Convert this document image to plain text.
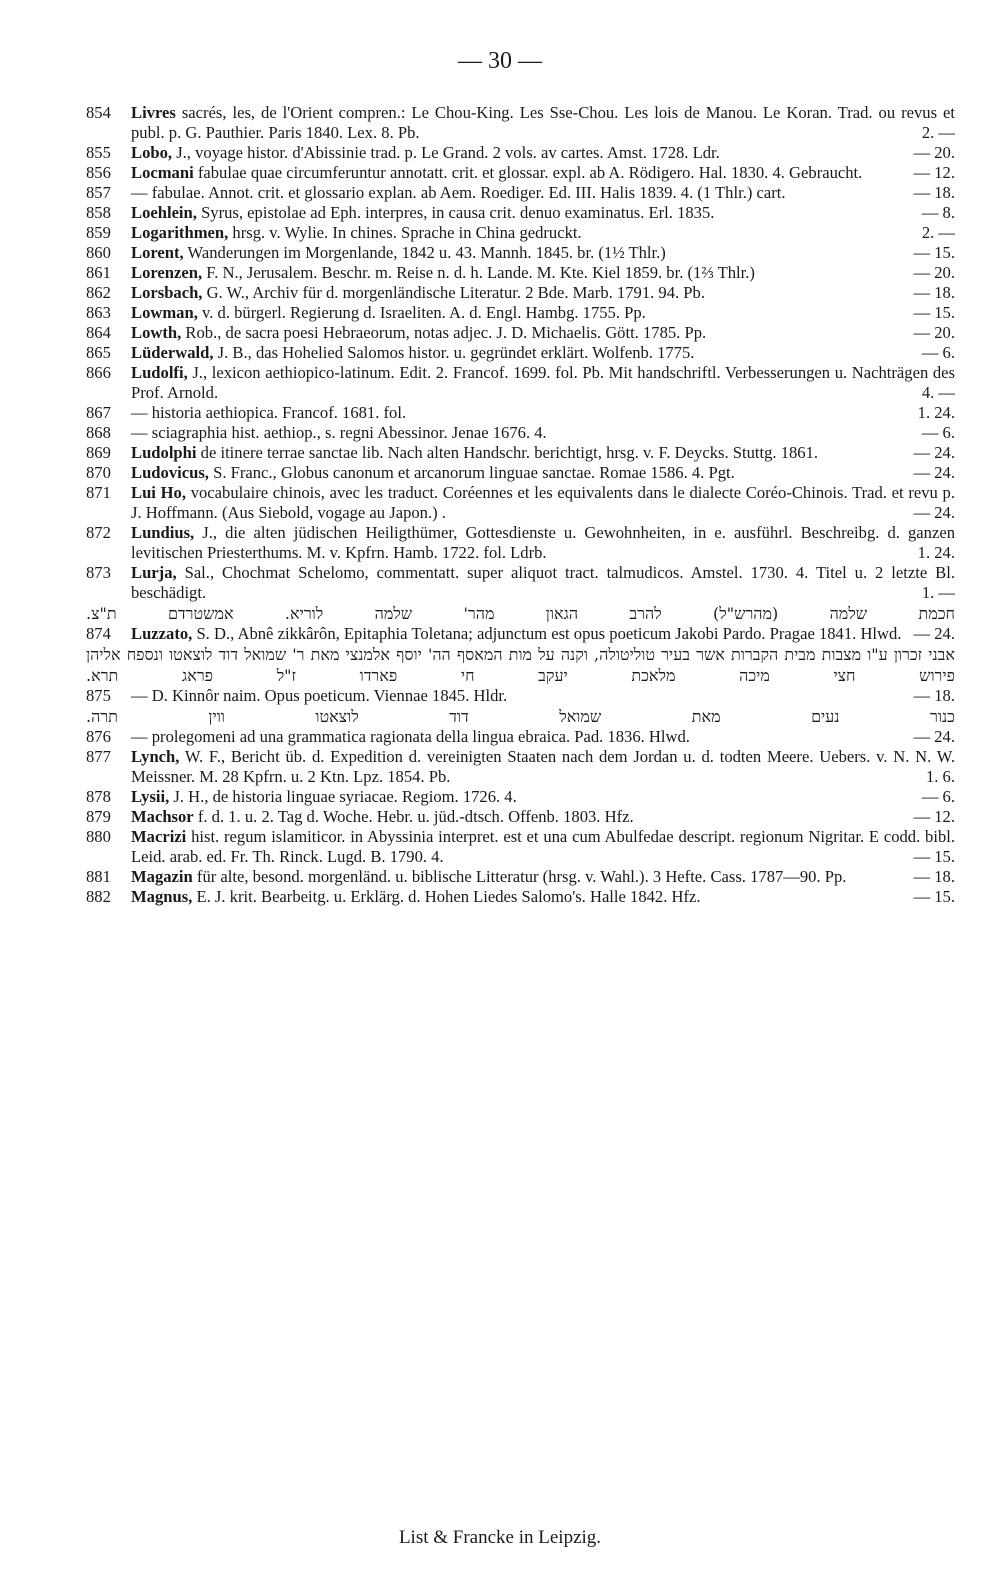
— 30 —
854	Livres sacrés, les, de l'Orient compren.: Le Chou-King. Les Sse-Chou. Les lois de Manou. Le Koran. Trad. ou revus et publ. p. G. Pauthier. Paris 1840. Lex. 8. Pb.	2. —
855	Lobo, J., voyage histor. d'Abissinie trad. p. Le Grand. 2 vols. av cartes. Amst. 1728. Ldr.	— 20.
856	Locmani fabulae quae circumferuntur annotatt. crit. et glossar. expl. ab A. Rödigero. Hal. 1830. 4. Gebraucht.	— 12.
857	— fabulae. Annot. crit. et glossario explan. ab Aem. Roediger. Ed. III. Halis 1839. 4. (1 Thlr.) cart.	— 18.
858	Loehlein, Syrus, epistolae ad Eph. interpres, in causa crit. denuo examinatus. Erl. 1835.	— 8.
859	Logarithmen, hrsg. v. Wylie. In chines. Sprache in China gedruckt.	2. —
860	Lorent, Wanderungen im Morgenlande, 1842 u. 43. Mannh. 1845. br. (1½ Thlr.)	— 15.
861	Lorenzen, F. N., Jerusalem. Beschr. m. Reise n. d. h. Lande. M. Kte. Kiel 1859. br. (1⅔ Thlr.)	— 20.
862	Lorsbach, G. W., Archiv für d. morgenländische Literatur. 2 Bde. Marb. 1791. 94. Pb.	— 18.
863	Lowman, v. d. bürgerl. Regierung d. Israeliten. A. d. Engl. Hambg. 1755. Pp.	— 15.
864	Lowth, Rob., de sacra poesi Hebraeorum, notas adjec. J. D. Michaelis. Gött. 1785. Pp.	— 20.
865	Lüderwald, J. B., das Hohelied Salomos histor. u. gegründet erklärt. Wolfenb. 1775.	— 6.
866	Ludolfi, J., lexicon aethiopico-latinum. Edit. 2. Francof. 1699. fol. Pb. Mit handschriftl. Verbesserungen u. Nachträgen des Prof. Arnold.	4. —
867	— historia aethiopica. Francof. 1681. fol.	1. 24.
868	— sciagraphia hist. aethiop., s. regni Abessinor. Jenae 1676. 4.	— 6.
869	Ludolphi de itinere terrae sanctae lib. Nach alten Handschr. berichtigt, hrsg. v. F. Deycks. Stuttg. 1861.	— 24.
870	Ludovicus, S. Franc., Globus canonum et arcanorum linguae sanctae. Romae 1586. 4. Pgt.	— 24.
871	Lui Ho, vocabulaire chinois, avec les traduct. Coréennes et les equivalents dans le dialecte Coréo-Chinois. Trad. et revu p. J. Hoffmann. (Aus Siebold, vogage au Japon.) .	— 24.
872	Lundius, J., die alten jüdischen Heiligthümer, Gottesdienste u. Gewohnheiten, in e. ausführl. Beschreibg. d. ganzen levitischen Priesterthums. M. v. Kpfrn. Hamb. 1722. fol. Ldrb.	1. 24.
873	Lurja, Sal., Chochmat Schelomo, commentatt. super aliquot tract. talmudicos. Amstel. 1730. 4. Titel u. 2 letzte Bl. beschädigt.	1. —
חכמת שלמה (מהרש"ל) להרב הגאון מהר' שלמה לוריא. אמשטרדם ת"צ.
874	Luzzato, S. D., Abnê zikkârôn, Epitaphia Toletana; adjunctum est opus poeticum Jakobi Pardo. Pragae 1841. Hlwd. — 24.
אבני זכרון ע"ו מצבות מבית הקברות אשר בעיר טוליטולה, וקנה על מות המאסף הה' יוסף אלמנצי מאת ר' שמואל דוד לוצאטו ונספח אליהן פירוש חצי מיכה מלאכת יעקב חי פארדו ז"ל פראג תרא.
875	— D. Kinnôr naim. Opus poeticum. Viennae 1845. Hldr.	— 18.
כנור נעים מאת שמואל דוד לוצאטו ווין תרה.
876	— prolegomeni ad una grammatica ragionata della lingua ebraica. Pad. 1836. Hlwd.	— 24.
877	Lynch, W. F., Bericht üb. d. Expedition d. vereinigten Staaten nach dem Jordan u. d. todten Meere. Uebers. v. N. N. W. Meissner. M. 28 Kpfrn. u. 2 Ktn. Lpz. 1854. Pb.	1. 6.
878	Lysii, J. H., de historia linguae syriacae. Regiom. 1726. 4.	— 6.
879	Machsor f. d. 1. u. 2. Tag d. Woche. Hebr. u. jüd.-dtsch. Offenb. 1803. Hfz.	— 12.
880	Macrizi hist. regum islamiticor. in Abyssinia interpret. est et una cum Abulfedae descript. regionum Nigritar. E codd. bibl. Leid. arab. ed. Fr. Th. Rinck. Lugd. B. 1790. 4.	— 15.
881	Magazin für alte, besond. morgenländ. u. biblische Litteratur (hrsg. v. Wahl.). 3 Hefte. Cass. 1787—90. Pp.	— 18.
882	Magnus, E. J. krit. Bearbeitg. u. Erklärg. d. Hohen Liedes Salomo's. Halle 1842. Hfz.	— 15.
List & Francke in Leipzig.
